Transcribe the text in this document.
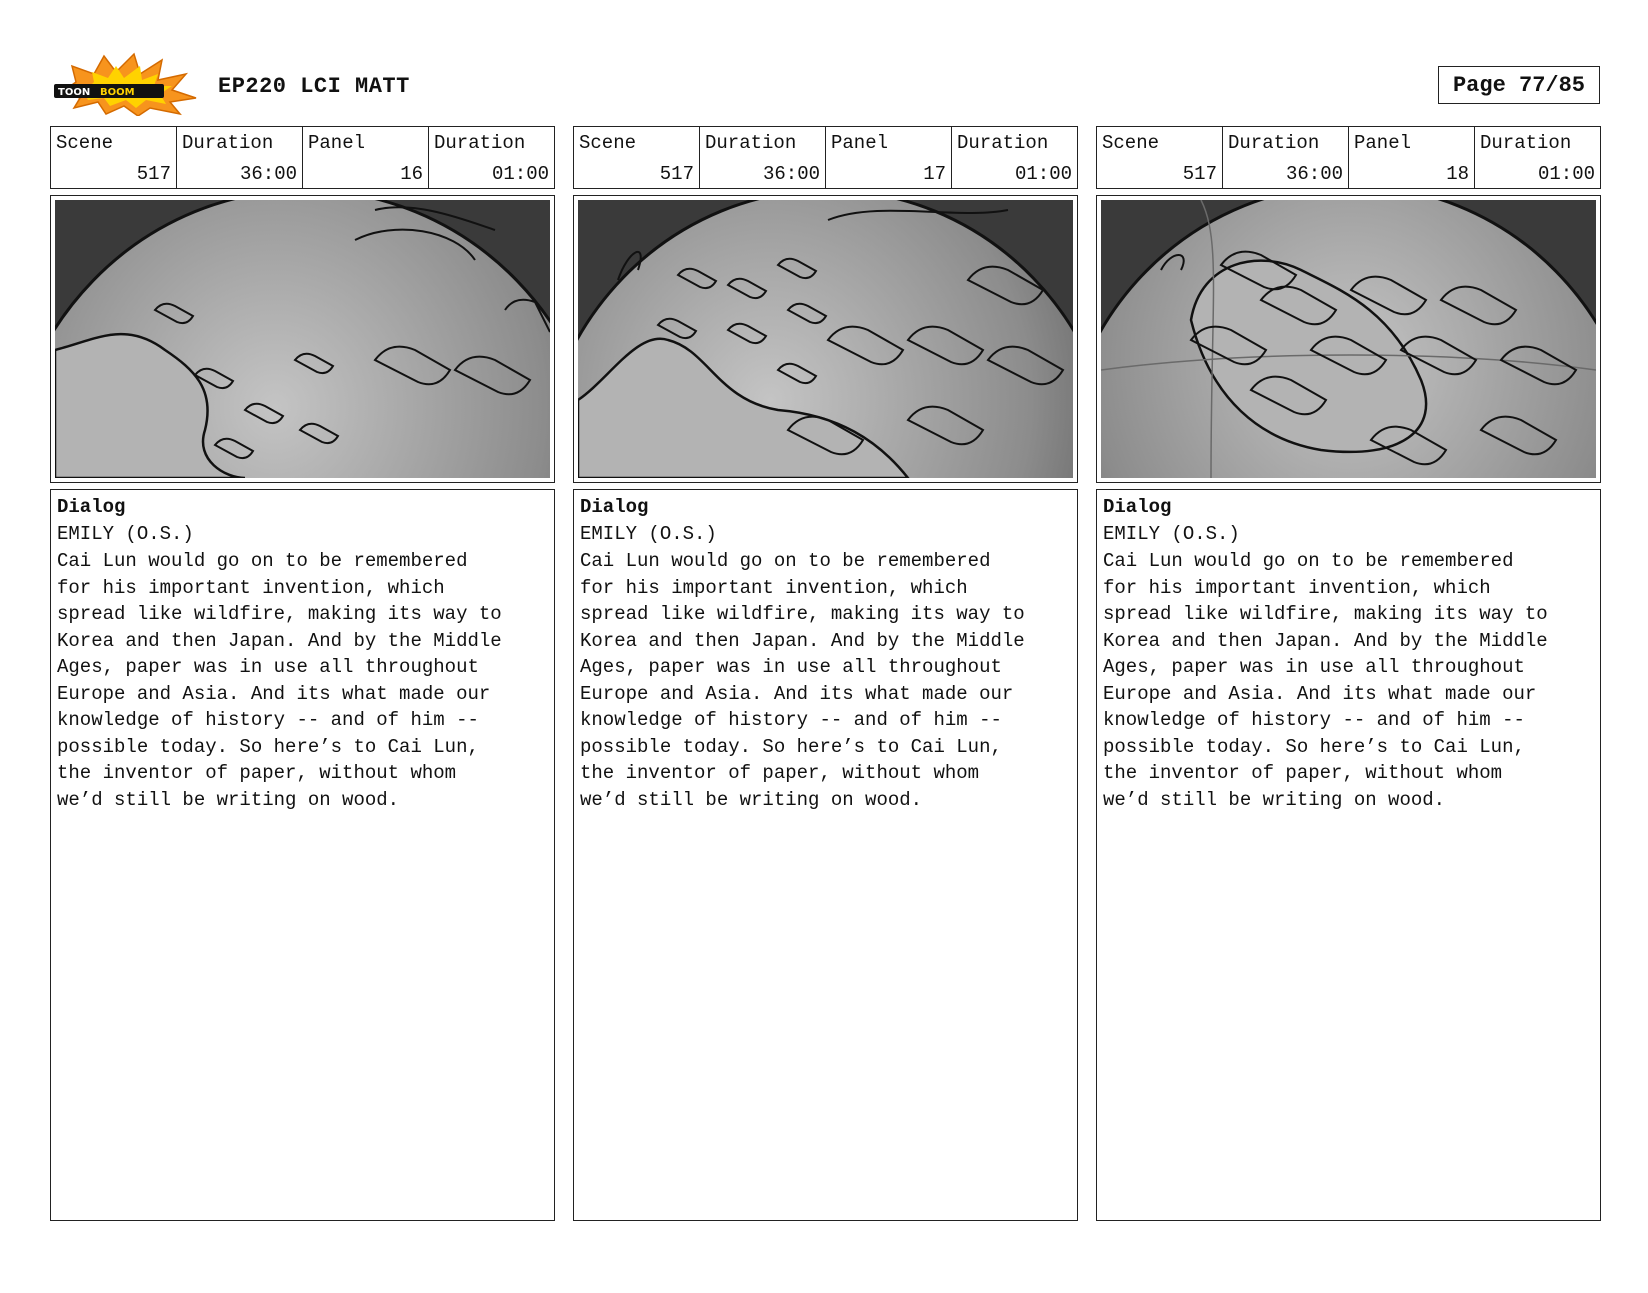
TOON BOOM	EP220 LCI MATT	Page 77/85
Scene
517
Duration
36:00
Panel
16
Duration
01:00
Dialog
EMILY (O.S.)

Cai Lun would go on to be remembered
for his important invention, which
spread like wildfire, making its way to
Korea and then Japan. And by the Middle
Ages, paper was in use all throughout
Europe and Asia. And its what made our
knowledge of history -- and of him --
possible today. So here’s to Cai Lun,
the inventor of paper, without whom
we’d still be writing on wood.

Scene
517
Duration
36:00
Panel
17
Duration
01:00
Dialog
EMILY (O.S.)

Cai Lun would go on to be remembered
for his important invention, which
spread like wildfire, making its way to
Korea and then Japan. And by the Middle
Ages, paper was in use all throughout
Europe and Asia. And its what made our
knowledge of history -- and of him --
possible today. So here’s to Cai Lun,
the inventor of paper, without whom
we’d still be writing on wood.

Scene
517
Duration
36:00
Panel
18
Duration
01:00
Dialog
EMILY (O.S.)

Cai Lun would go on to be remembered
for his important invention, which
spread like wildfire, making its way to
Korea and then Japan. And by the Middle
Ages, paper was in use all throughout
Europe and Asia. And its what made our
knowledge of history -- and of him --
possible today. So here’s to Cai Lun,
the inventor of paper, without whom
we’d still be writing on wood.
